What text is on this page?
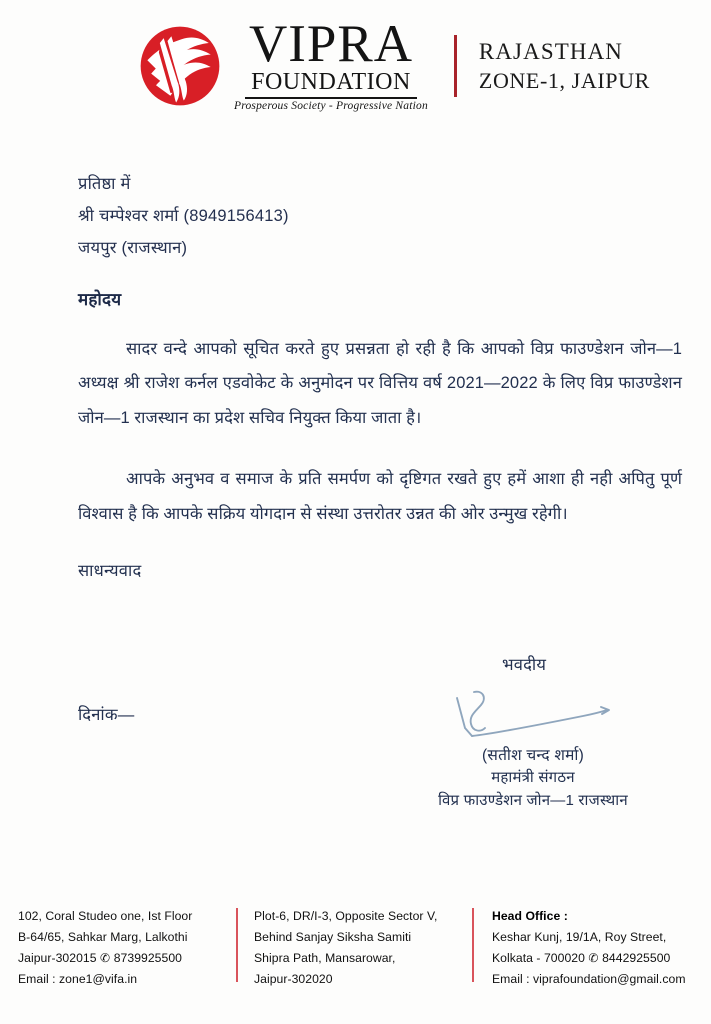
VIPRA
FOUNDATION
Prosperous Society - Progressive Nation
RAJASTHAN
ZONE-1, JAIPUR
प्रतिष्ठा में
श्री चम्पेश्वर शर्मा (8949156413)
जयपुर (राजस्थान)
महोदय
सादर वन्दे आपको सूचित करते हुए प्रसन्नता हो रही है कि आपको विप्र फाउण्डेशन जोन—1 अध्यक्ष श्री राजेश कर्नल एडवोकेट के अनुमोदन पर वित्तिय वर्ष 2021—2022 के लिए विप्र फाउण्डेशन जोन—1 राजस्थान का प्रदेश सचिव नियुक्त किया जाता है।
आपके अनुभव व समाज के प्रति समर्पण को दृष्टिगत रखते हुए हमें आशा ही नही अपितु पूर्ण विश्वास है कि आपके सक्रिय योगदान से संस्था उत्तरोतर उन्नत की ओर उन्मुख रहेगी।
साधन्यवाद
भवदीय
दिनांक—
(सतीश चन्द शर्मा)
महामंत्री संगठन
विप्र फाउण्डेशन जोन—1 राजस्थान
102, Coral Studeo one, Ist Floor
B-64/65, Sahkar Marg, Lalkothi
Jaipur-302015 ✆ 8739925500
Email : zone1@vifa.in
Plot-6, DR/I-3, Opposite Sector V,
Behind Sanjay Siksha Samiti
Shipra Path, Mansarowar,
Jaipur-302020
Head Office :
Keshar Kunj, 19/1A, Roy Street,
Kolkata - 700020 ✆ 8442925500
Email : viprafoundation@gmail.com
